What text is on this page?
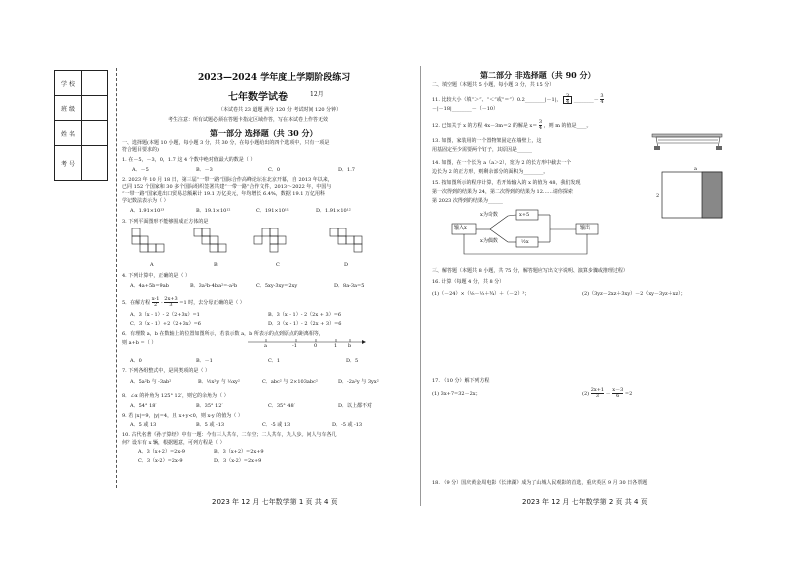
学 校	
班 级	
姓 名	
考 号	
2023—2024 学年度上学期阶段练习
七年数学试卷	12月
（本试卷共 23 道题 满分 120 分 考试时间 120 分钟）
考生注意：所有试题必须在答题卡指定区域作答，写在本试卷上作答无效
第一部分 选择题（共 30 分）
一、选择题(本题 10 小题，每小题 3 分，共 30 分，在每小题给出的四个选项中，只有一项是
符合题目要求的)
1. 在－5，－3，0，1.7 这 4 个数中绝对值最大的数是（ ）
A．－5	B．－3	C．0	D．1.7
2. 2023 年 10 月 18 日，第三届“一带一路”国际合作高峰论坛在北京开幕，自 2013 年以来，
已同 152 个国家和 30 多个国际组织签署共建“一带一路”合作文件，2013～2022 年，中国与
“一带一路”国家进出口贸易总额累计 19.1 万亿美元，年均增长 6.4%，数据 19.1 万亿用科
学记数法表示为（ ）
A．1.91×10¹³	B．19.1×10¹²	C．191×10¹¹	D．1.91×10¹²
3. 下列平面图形不能够围成正方体的是
A	B	C	D
4. 下列计算中，正确的是（ ）
A．4a+5b=9ab	B．3a²b-4ba²=-a²b	C．5xy-3xy=2xy	D．8a-3a=5
5．在解方程 $\frac{x-1}{2} - \frac{2x+3}{3} =1$ 时，去分母正确的是（ ）
A．3（x - 1）- 2（2+3x）=1	B．3（x - 1）- 2（2x + 3）=6
C．3（x - 1）+2（2+3x）=6	D．3（x - 1）- 2（2x + 3）=6
6．有理数 a，b 在数轴上的位置如图所示，若表示数 a，b 所表示的点到原点的距离相等，
则 a+b =（ ）	a	-1	0	1 b
A．0	B．－1	C．1	D．5
7. 下列各组整式中，是同类项的是（ ）
A．5a²b 与 -3ab²	B．½x²y 与 ⅓xy²	C．abc² 与 2×103abc²	D．-2a²y 与 3yx²
8．∠α 的补角为 125° 12′，则它的余角为（ ）
A．54° 18′	B．35° 12′	C．35° 48′	D．以上都不对
9. 若 |x|=9，|y|=4，且 x+y<0，则 x-y 的值为（ ）
A．5 或 13	B．5 或 -13	C．-5 或 13	D．-5 或 -13
10. 古代名著《孙子算经》中有一题：今有三人共车，二车空；二人共车，九人步。问人与车各几
何？设车有 x 辆，根据题意，可列方程是（ ）
A．3（x+2）=2x-9	B．3（x+2）=2x+9
C．3（x-2）=2x-9	D．3（x-2）=2x+9
2023 年 12 月 七年数学第 1 页 共 4 页
第二部分 非选择题（共 90 分）
二、填空题（本题共 5 小题，每小题 3 分，共 15 分）
11. 比较大小（填“＞”、“＜”或“＝”）0.2________|－1|， $\frac{3}{4}$ ________－ $\frac{3}{4}$
－|－18|________－（－10）
12. 已知关于 x 的方程 4x－3m＝2 的解是 $x= \frac{3}{4}$ ，则 m 的值是____。
13. 如图，家装用的一个置物架固定在墙壁上，这
用基固定至少需要两个钉子，其原因是______
14. 如图，在一个长为 a（a＞2），宽为 2 的长方形中截去一个
边长为 2 的正方形，则剩余部分的面积为________。	a
2
15. 按如图所示的程序计算，若开始输入的 x 的值为 48，我们发现
第一次得到的结果为 24，第二次得到的结果为 12……请你探索
第 2023 次得到的结果为______
输入x
x为奇数
x为偶数
x+5
½x
输出
三、解答题（本题共 8 小题，共 75 分，解答题应写出文字说明、演算步骤或推理过程）
16. 计算（每题 4 分，共 8 分）
(1)（－24）×（⅛－⅓＋¾）＋（－2）³；	(2)（3yz－2xz＋3xy）－2（xy－3yz＋xz）；
17. （10 分）解下列方程
(1) 3x+7=32－2x；	$(2) \frac{2x+1}{3} - \frac{x-3}{6} =2$
18. （9 分）国庆黄金周电影《长津湖》成为了山城人民观影的首选，重庆英区 9 月 30 日各票题
2023 年 12 月 七年数学第 2 页 共 4 页
